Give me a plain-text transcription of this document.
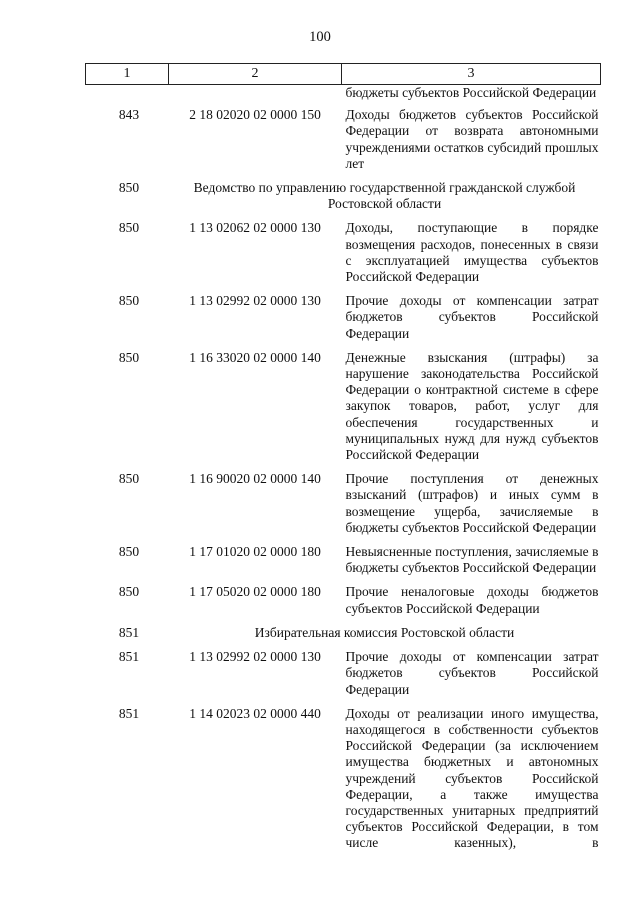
100
1	2	3
		бюджеты субъектов Российской Федерации
843	2 18 02020 02 0000 150	Доходы бюджетов субъектов Российской Федерации от возврата автономными учреждениями остатков субсидий прошлых лет
850	Ведомство по управлению государственной гражданской службой Ростовской области	
850	1 13 02062 02 0000 130	Доходы, поступающие в порядке возмещения расходов, понесенных в связи с эксплуатацией имущества субъектов Российской Федерации
850	1 13 02992 02 0000 130	Прочие доходы от компенсации затрат бюджетов субъектов Российской Федерации
850	1 16 33020 02 0000 140	Денежные взыскания (штрафы) за нарушение законодательства Российской Федерации о контрактной системе в сфере закупок товаров, работ, услуг для обеспечения государственных и муниципальных нужд для нужд субъектов Российской Федерации
850	1 16 90020 02 0000 140	Прочие поступления от денежных взысканий (штрафов) и иных сумм в возмещение ущерба, зачисляемые в бюджеты субъектов Российской Федерации
850	1 17 01020 02 0000 180	Невыясненные поступления, зачисляемые в бюджеты субъектов Российской Федерации
850	1 17 05020 02 0000 180	Прочие неналоговые доходы бюджетов субъектов Российской Федерации
851	Избирательная комиссия Ростовской области	
851	1 13 02992 02 0000 130	Прочие доходы от компенсации затрат бюджетов субъектов Российской Федерации
851	1 14 02023 02 0000 440	Доходы от реализации иного имущества, находящегося в собственности субъектов Российской Федерации (за исключением имущества бюджетных и автономных учреждений субъектов Российской Федерации, а также имущества государственных унитарных предприятий субъектов Российской Федерации, в том числе казенных), в
